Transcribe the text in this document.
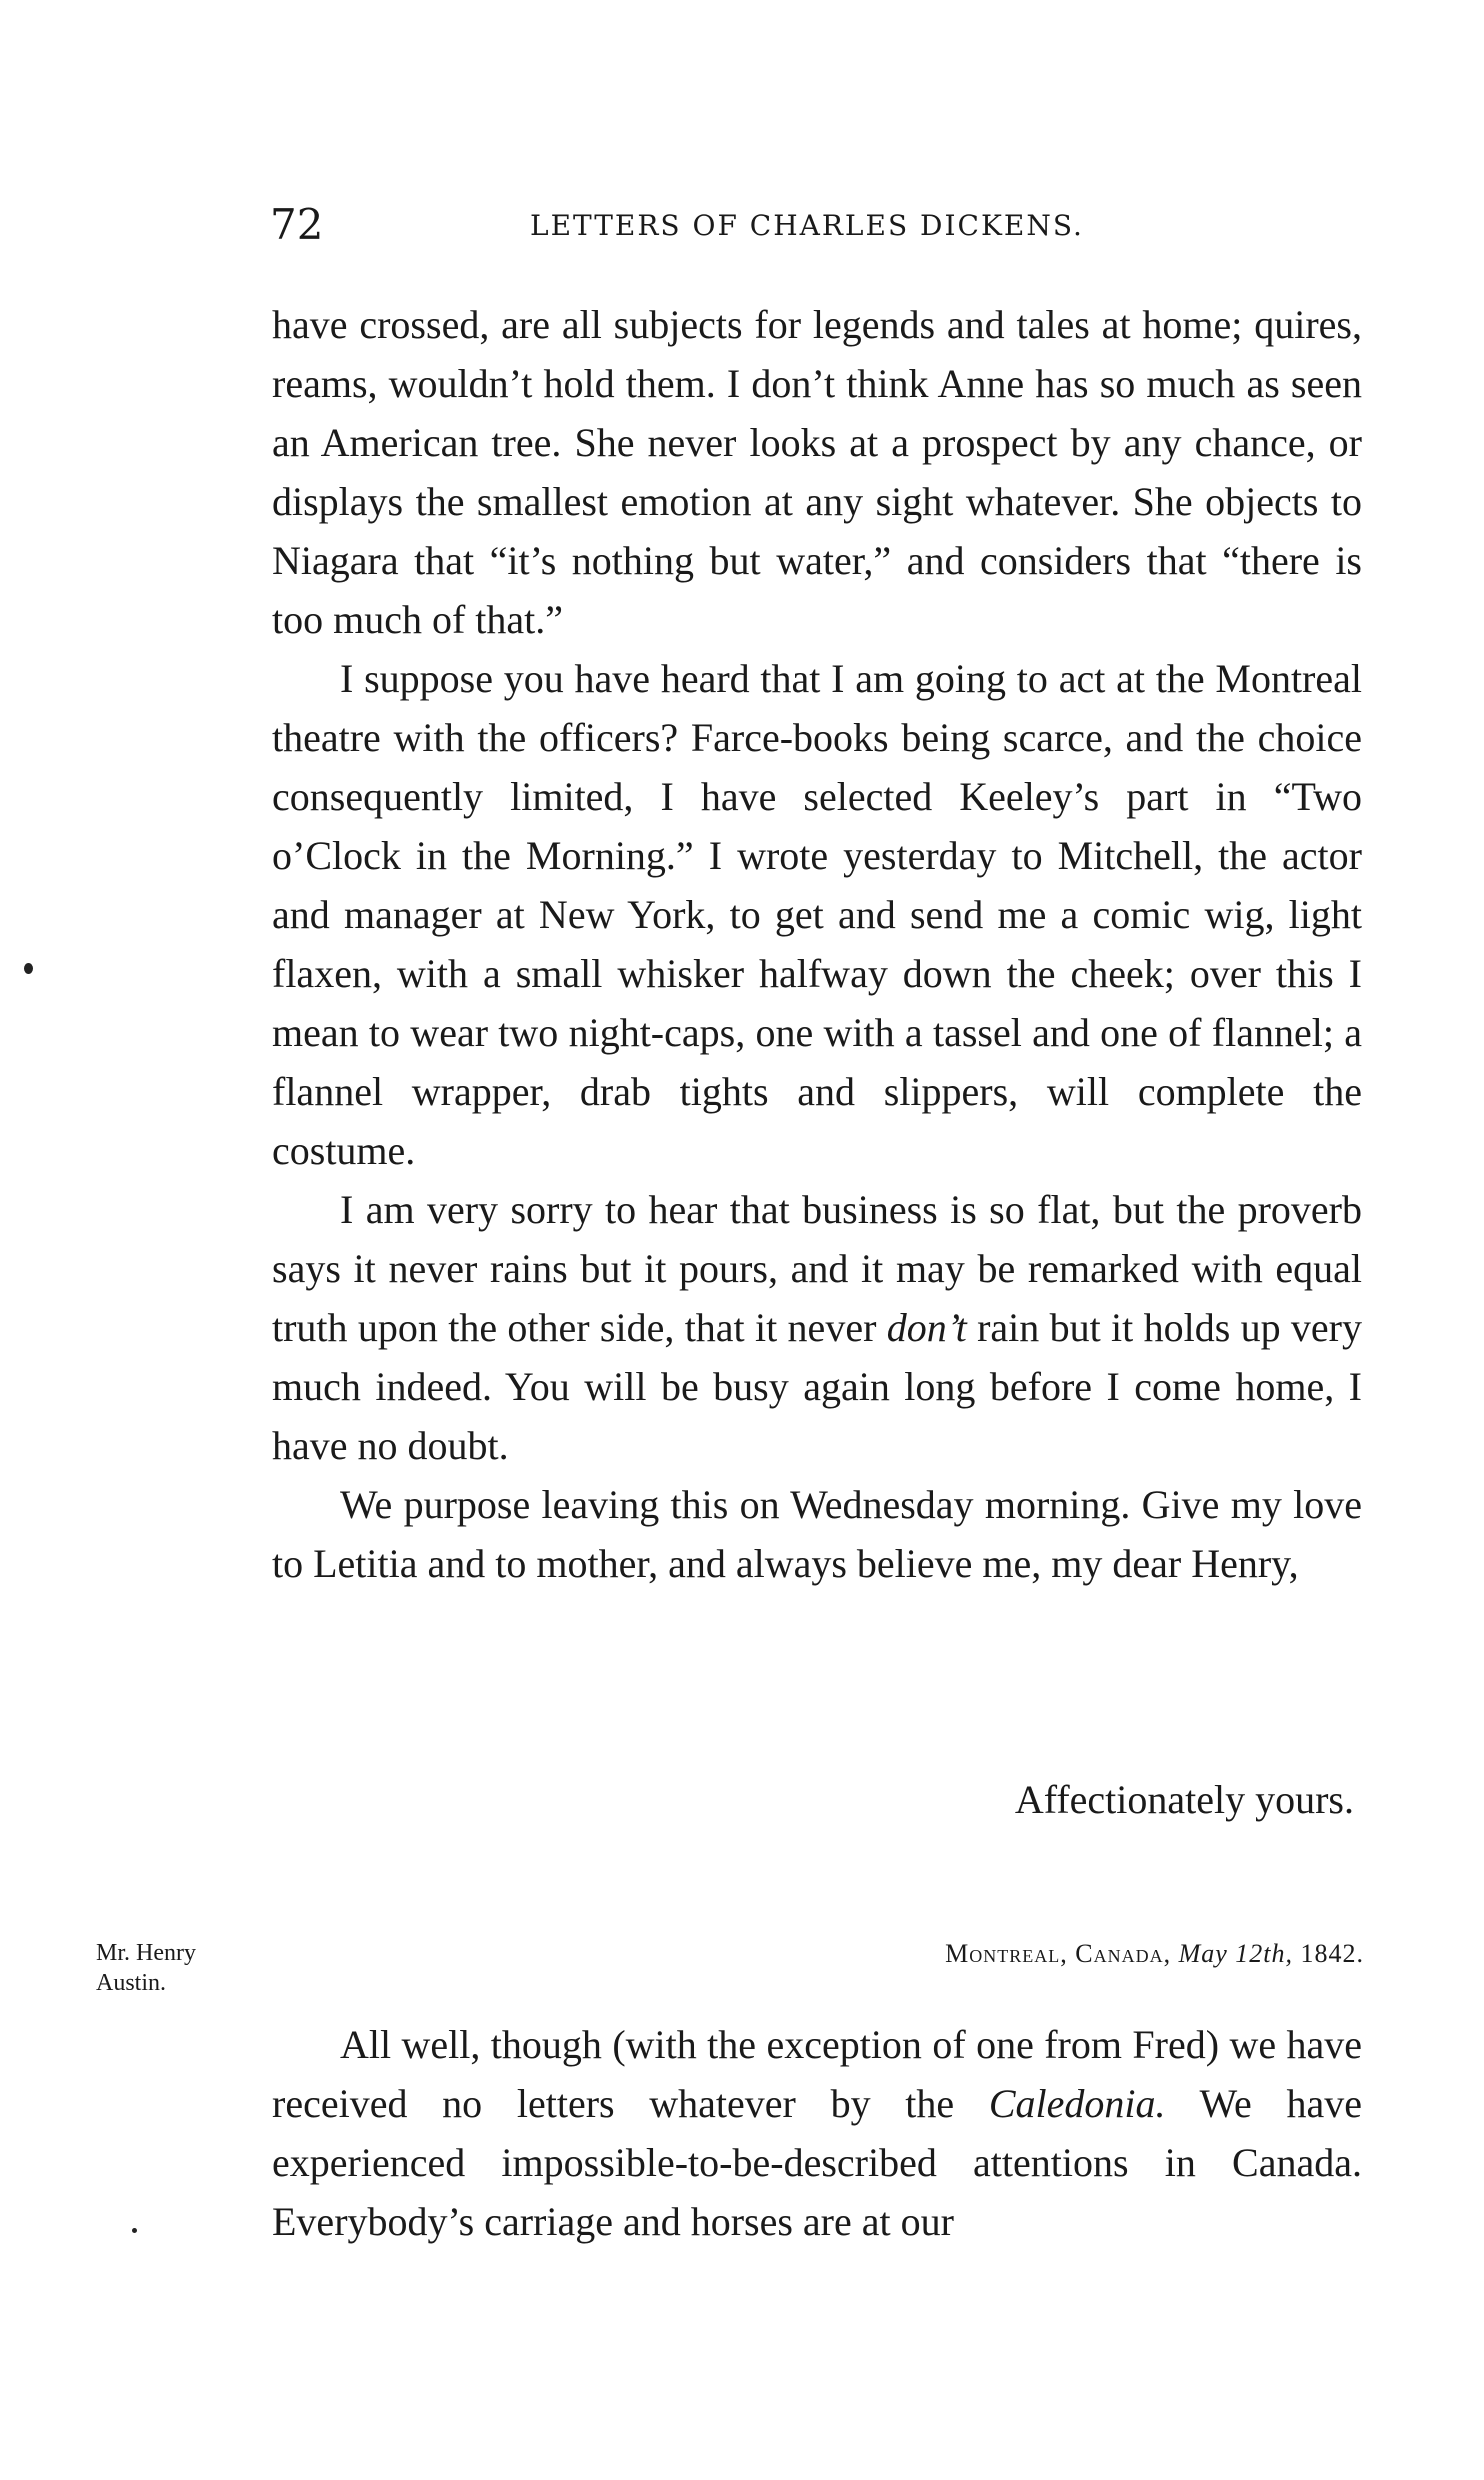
72	LETTERS OF CHARLES DICKENS.

have crossed, are all subjects for legends and tales at home; quires, reams, wouldn’t hold them. I don’t think Anne has so much as seen an American tree. She never looks at a prospect by any chance, or displays the smallest emotion at any sight whatever. She objects to Niagara that “it’s nothing but water,” and considers that “there is too much of that.”

I suppose you have heard that I am going to act at the Montreal theatre with the officers? Farce-books being scarce, and the choice consequently limited, I have selected Keeley’s part in “Two o’Clock in the Morning.” I wrote yesterday to Mitchell, the actor and manager at New York, to get and send me a comic wig, light flaxen, with a small whisker halfway down the cheek; over this I mean to wear two night-caps, one with a tassel and one of flannel; a flannel wrapper, drab tights and slippers, will complete the costume.

I am very sorry to hear that business is so flat, but the proverb says it never rains but it pours, and it may be remarked with equal truth upon the other side, that it never don’t rain but it holds up very much indeed. You will be busy again long before I come home, I have no doubt.

We purpose leaving this on Wednesday morning. Give my love to Letitia and to mother, and always believe me, my dear Henry,

Affectionately yours.
Mr. Henry
Austin.
Montreal, Canada, May 12th, 1842.

All well, though (with the exception of one from Fred) we have received no letters whatever by the Caledonia. We have experienced impossible-to-be-described attentions in Canada. Everybody’s carriage and horses are at our
